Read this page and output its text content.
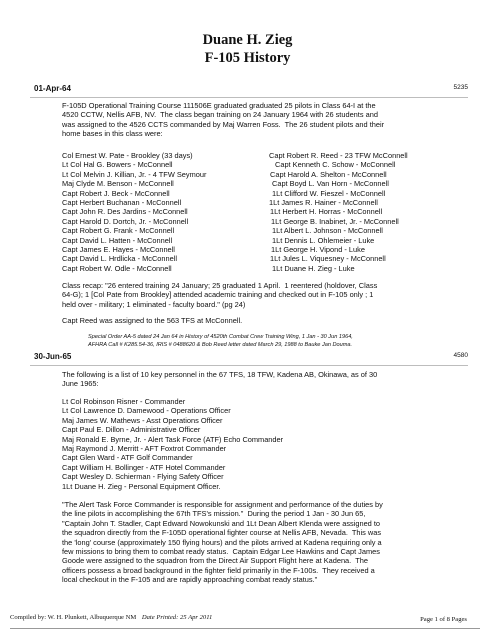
Duane H. Zieg
F-105 History
01-Apr-64	5235
F-105D Operational Training Course 111506E graduated graduated 25 pilots in Class 64-I at the
4520 CCTW, Nellis AFB, NV.  The class began training on 24 January 1964 with 26 students and
was assigned to the 4526 CCTS commanded by Maj Warren Foss.  The 26 student pilots and their
home bases in this class were:
Col Ernest W. Pate - Brookley (33 days)
Lt Col Hal G. Bowers - McConnell
Lt Col Melvin J. Killian, Jr. - 4 TFW Seymour
Maj Clyde M. Benson - McConnell
Capt Robert J. Beck - McConnell
Capt Herbert Buchanan - McConnell
Capt John R. Des Jardins - McConnell
Capt Harold D. Dortch, Jr. - McConnell
Capt Robert G. Frank - McConnell
Capt David L. Hatten - McConnell
Capt James E. Hayes - McConnell
Capt David L. Hrdlicka - McConnell
Capt Robert W. Odle - McConnell
Capt Robert R. Reed - 23 TFW McConnell
Capt Kenneth C. Schow - McConnell
Capt Harold A. Shelton - McConnell
Capt Boyd L. Van Horn - McConnell
1Lt Clifford W. Fieszel - McConnell
1Lt James R. Hainer - McConnell
1Lt Herbert H. Horras - McConnell
1Lt George B. Inabinet, Jr. - McConnell
1Lt Albert L. Johnson - McConnell
1Lt Dennis L. Ohlemeier - Luke
1Lt George H. Vipond - Luke
1Lt Jules L. Viquesney - McConnell
1Lt Duane H. Zieg - Luke
Class recap: "26 entered training 24 January; 25 graduated 1 April.  1 reentered (holdover, Class
64-G); 1 [Col Pate from Brookley] attended academic training and checked out in F-105 only ; 1
held over - military; 1 eliminated - faculty board." (pg 24)
Capt Reed was assigned to the 563 TFS at McConnell.
Special Order AA-5 dated 24 Jan 64 in History of 4520th Combat Crew Training Wing, 1 Jan - 30 Jun 1964,
AFHRA Call # K285.54-36, IRIS # 0488620 & Bob Reed letter dated March 29, 1988 to Bauke Jan Douma.
30-Jun-65	4580
The following is a list of 10 key personnel in the 67 TFS, 18 TFW, Kadena AB, Okinawa, as of 30
June 1965:
Lt Col Robinson Risner - Commander
Lt Col Lawrence D. Damewood - Operations Officer
Maj James W. Mathews - Asst Operations Officer
Capt Paul E. Dillon - Administrative Officer
Maj Ronald E. Byrne, Jr. - Alert Task Force (ATF) Echo Commander
Maj Raymond J. Merritt - AFT Foxtrot Commander
Capt Glen Ward - ATF Golf Commander
Capt William H. Bollinger - ATF Hotel Commander
Capt Wesley D. Schierman - Flying Safety Officer
1Lt Duane H. Zieg - Personal Equipment Officer.
"The Alert Task Force Commander is responsible for assignment and performance of the duties by
the line pilots in accomplishing the 67th TFS's mission."  During the period 1 Jan - 30 Jun 65,
"Captain John T. Stadler, Capt Edward Nowokunski and 1Lt Dean Albert Klenda were assigned to
the squadron directly from the F-105D operational fighter course at Nellis AFB, Nevada.  This was
the 'long' course (approximately 150 flying hours) and the pilots arrived at Kadena requiring only a
few missions to bring them to combat ready status.  Captain Edgar Lee Hawkins and Capt James
Goode were assigned to the squadron from the Direct Air Support Flight here at Kadena.  The
officers possess a broad background in the fighter field primarily in the F-100s.  They received a
local checkout in the F-105 and are rapidly approaching combat ready status."
Compiled by: W. H. Plunkett, Albuquerque NM Date Printed: 25 Apr 2011	Page 1 of 8 Pages
